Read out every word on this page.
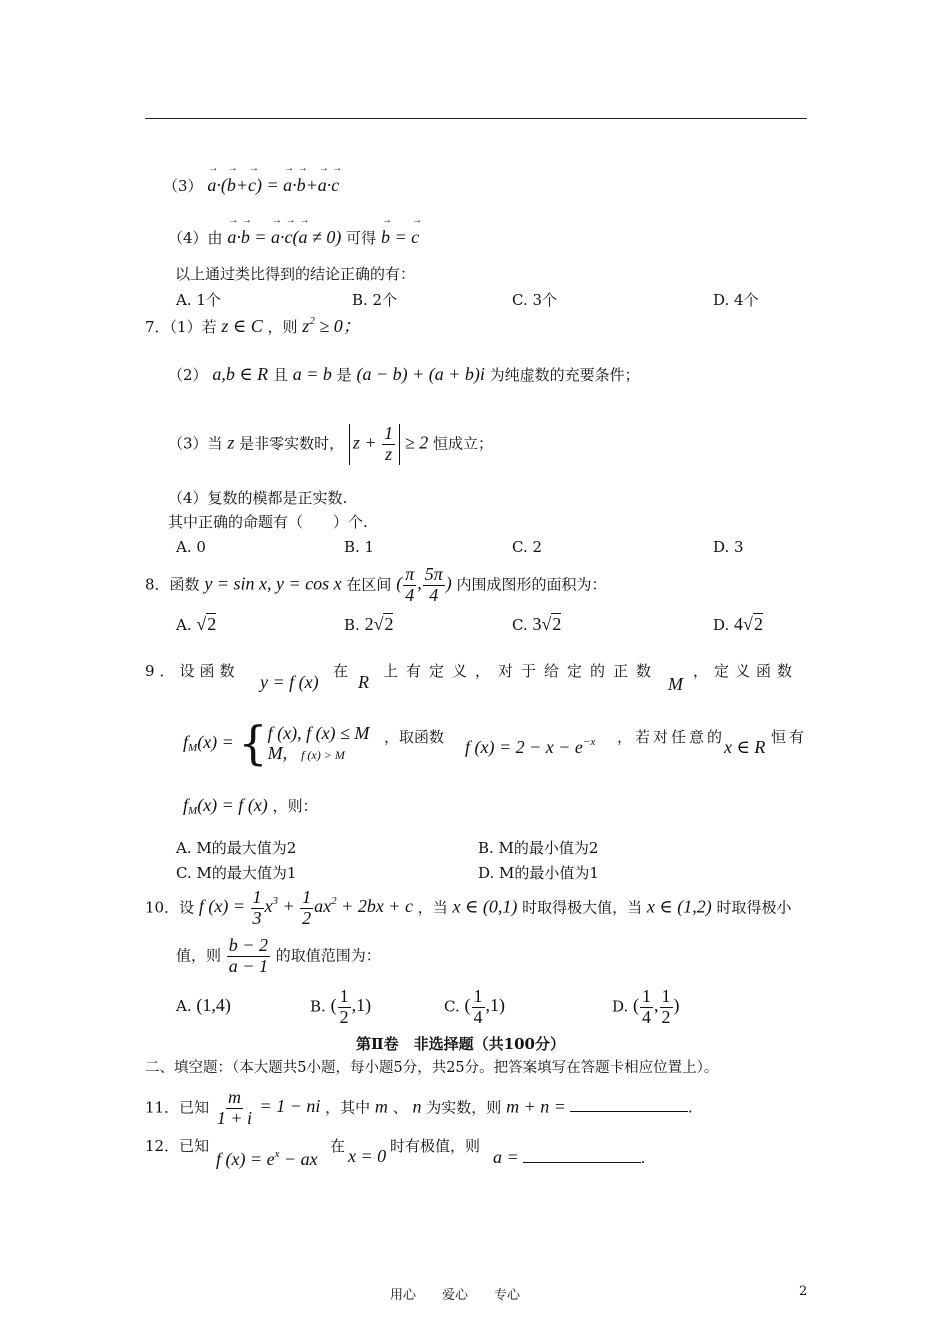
（3） → a·(→ b+→ c) = → a·→ b+→ a·→ c
（4）由 → a·→ b = → a·→ c(→ a ≠ 0) 可得 → b = → c
以上通过类比得到的结论正确的有：
A. 1个	B. 2个	C. 3个	D. 4个
7．（1）若 z ∈ C ，则 $z^2 \ge 0$；
（2） a,b ∈ R 且 a = b 是 (a − b) + (a + b)i 为纯虚数的充要条件；
（3）当 z 是非零实数时， $z + \frac{1}{z} \ge 2$ 恒成立；
（4）复数的模都是正实数.
其中正确的命题有（　　）个.
A. 0	B. 1	C. 2	D. 3
8．函数 y = sin x, y = cos x 在区间 ( $\frac{\pi}{4}$ , $\frac{5\pi}{4}$ ) 内围成图形的面积为：
A. √2	B. 2√2	C. 3√2	D. 4√2
9．设函数
y = f (x)
在
R
上有定义，对于给定的正数
M
，定义函数
$f_M(x) = \{f$ (x), f (x) ≤ M
M, f (x) > M
，取函数 f $(x) = 2 - x - e^{-x}$ ，若对任意的
x ∈ R 恒有
$f_M(x) = f$ (x) ，则：
A. M的最大值为2	B. M的最小值为2
C. M的最大值为1	D. M的最小值为1
10．设 f $(x) = \frac{1}{3} x^3 + \frac{1}{2} ax^2 + 2bx + c$ ，当 x ∈ (0,1) 时取得极大值，当 x ∈ (1,2) 时取得极小
值，则 $\frac{b - 2}{a - 1}$ 的取值范围为：
A. (1,4)	B. ( $\frac{1}{2} ,1$)	C. ( $\frac{1}{4} ,1$)	D. ( $\frac{1}{4}$ , $\frac{1}{2}$ )
第Ⅱ卷　非选择题（共100分）
二、填空题：（本大题共5小题，每小题5分，共25分。把答案填写在答题卡相应位置上）。
11．已知 $\frac{m}{1 + i} = 1$ − ni ，其中 m 、 n 为实数，则 m + n =	.
12．已知
f $(x) = e^x$ − ax
在 x = 0 时有极值，则
a =	.
用心　　爱心　　专心	2
